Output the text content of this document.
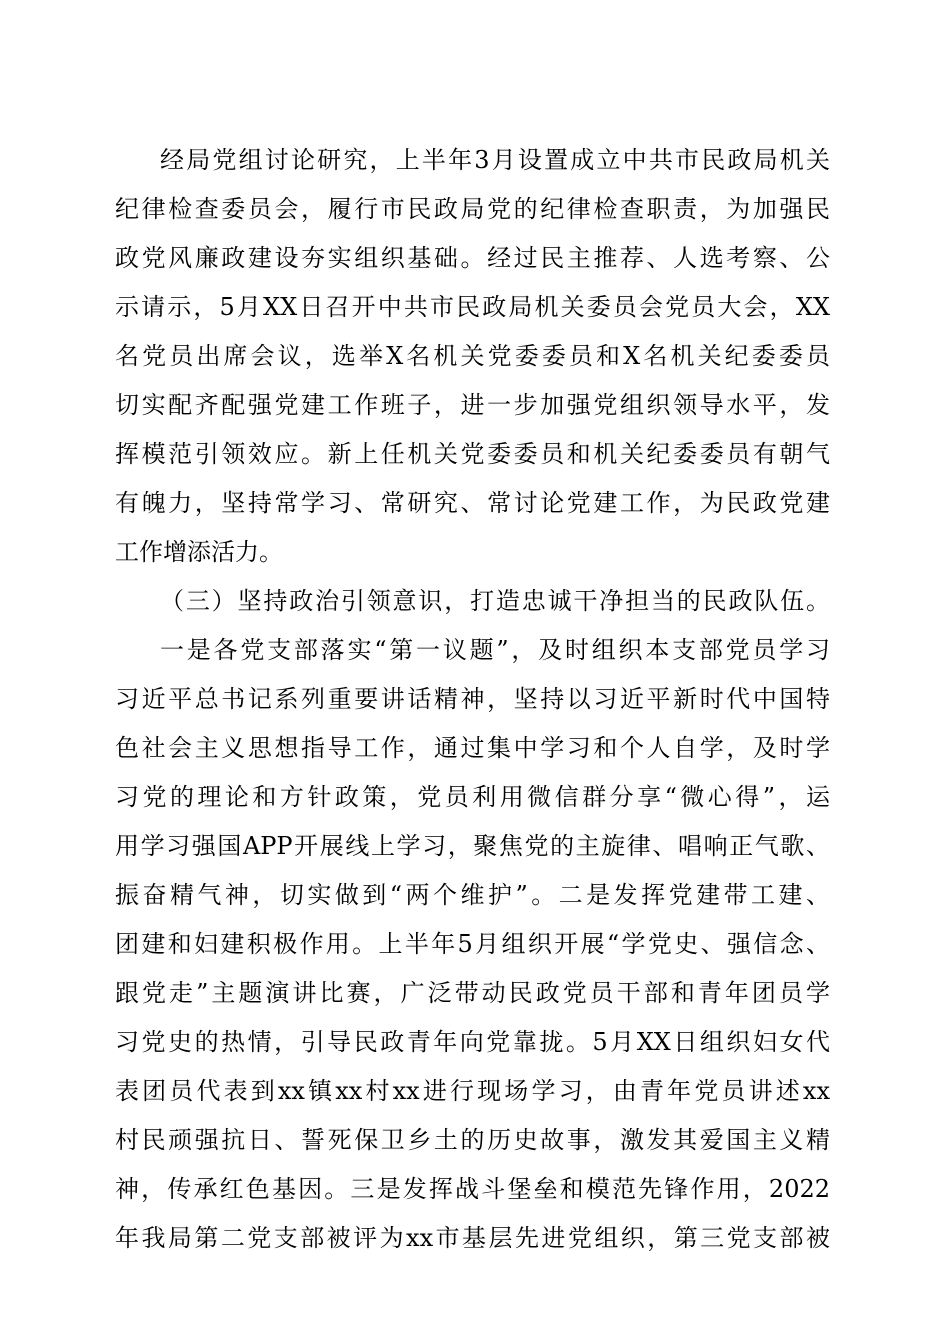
经局党组讨论研究，上半年3月设置成立中共市民政局机关
纪律检查委员会，履行市民政局党的纪律检查职责，为加强民
政党风廉政建设夯实组织基础。经过民主推荐、人选考察、公
示请示，5月XX日召开中共市民政局机关委员会党员大会，XX
名党员出席会议，选举X名机关党委委员和X名机关纪委委员
切实配齐配强党建工作班子，进一步加强党组织领导水平，发
挥模范引领效应。新上任机关党委委员和机关纪委委员有朝气
有魄力，坚持常学习、常研究、常讨论党建工作，为民政党建
工作增添活力。
（三）坚持政治引领意识，打造忠诚干净担当的民政队伍。
一是各党支部落实“第一议题”，及时组织本支部党员学习
习近平总书记系列重要讲话精神，坚持以习近平新时代中国特
色社会主义思想指导工作，通过集中学习和个人自学，及时学
习党的理论和方针政策，党员利用微信群分享“微心得”，运
用学习强国APP开展线上学习，聚焦党的主旋律、唱响正气歌、
振奋精气神，切实做到“两个维护”。二是发挥党建带工建、
团建和妇建积极作用。上半年5月组织开展“学党史、强信念、
跟党走”主题演讲比赛，广泛带动民政党员干部和青年团员学
习党史的热情，引导民政青年向党靠拢。5月XX日组织妇女代
表团员代表到xx镇xx村xx进行现场学习，由青年党员讲述xx
村民顽强抗日、誓死保卫乡土的历史故事，激发其爱国主义精
神，传承红色基因。三是发挥战斗堡垒和模范先锋作用，2022
年我局第二党支部被评为xx市基层先进党组织，第三党支部被
